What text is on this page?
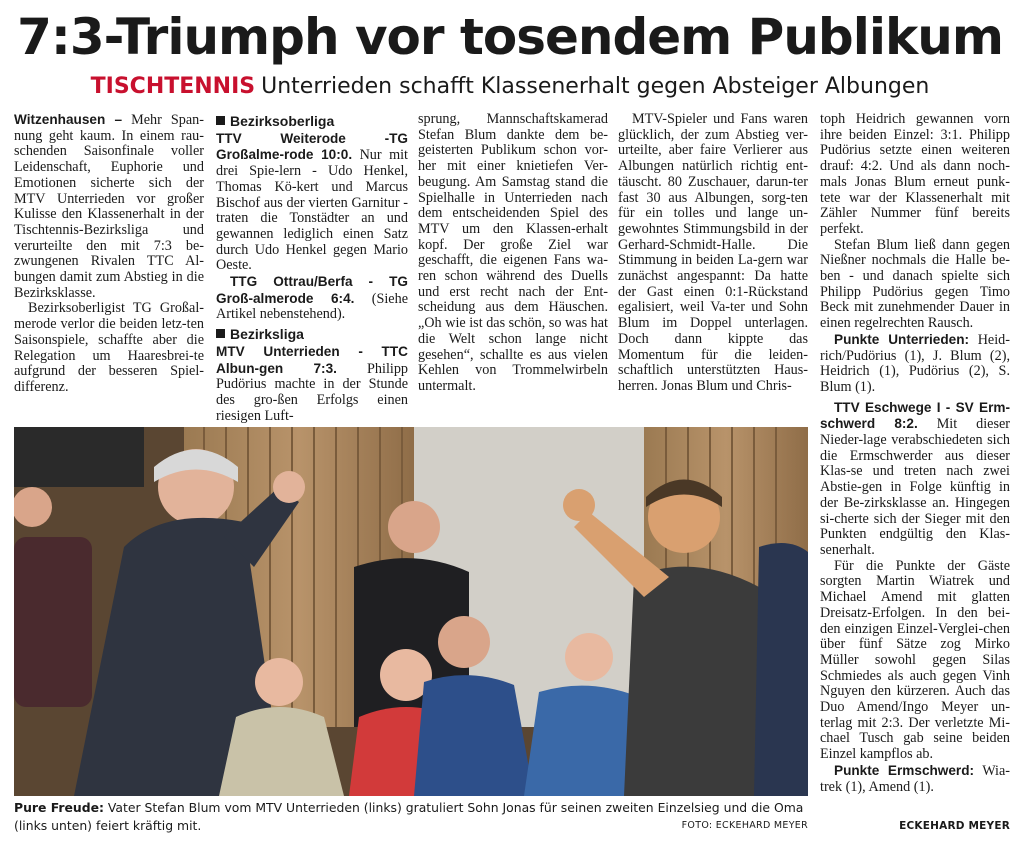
7:3-Triumph vor tosendem Publikum
TISCHTENNIS Unterrieden schafft Klassenerhalt gegen Absteiger Albungen

Witzenhausen – Mehr Span-nung geht kaum. In einem rau-schenden Saisonfinale voller Leidenschaft, Euphorie und Emotionen sicherte sich der MTV Unterrieden vor großer Kulisse den Klassenerhalt in der Tischtennis-Bezirksliga und verurteilte den mit 7:3 be-zwungenen Rivalen TTC Al-bungen damit zum Abstieg in die Bezirksklasse.

Bezirksoberligist TG Großal-merode verlor die beiden letz-ten Saisonspiele, schaffte aber die Relegation um Haaresbrei-te aufgrund der besseren Spiel-differenz.

Bezirksoberliga

TTV Weiterode -TG Großalme-rode 10:0. Nur mit drei Spie-lern - Udo Henkel, Thomas Kö-kert und Marcus Bischof aus der vierten Garnitur - traten die Tonstädter an und gewannen lediglich einen Satz durch Udo Henkel gegen Mario Oeste.

TTG Ottrau/Berfa - TG Groß-almerode 6:4. (Siehe Artikel nebenstehend).

Bezirksliga

MTV Unterrieden - TTC Albun-gen 7:3. Philipp Pudörius machte in der Stunde des gro-ßen Erfolgs einen riesigen Luft-

sprung, Mannschaftskamerad Stefan Blum dankte dem be-geisterten Publikum schon vor-her mit einer knietiefen Ver-beugung. Am Samstag stand die Spielhalle in Unterrieden nach dem entscheidenden Spiel des MTV um den Klassen-erhalt kopf. Der große Ziel war geschafft, die eigenen Fans wa-ren schon während des Duells und erst recht nach der Ent-scheidung aus dem Häuschen. „Oh wie ist das schön, so was hat die Welt schon lange nicht gesehen“, schallte es aus vielen Kehlen von Trommelwirbeln untermalt.

MTV-Spieler und Fans waren glücklich, der zum Abstieg ver-urteilte, aber faire Verlierer aus Albungen natürlich richtig ent-täuscht. 80 Zuschauer, darun-ter fast 30 aus Albungen, sorg-ten für ein tolles und lange un-gewohntes Stimmungsbild in der Gerhard-Schmidt-Halle. Die Stimmung in beiden La-gern war zunächst angespannt: Da hatte der Gast einen 0:1-Rückstand egalisiert, weil Va-ter und Sohn Blum im Doppel unterlagen. Doch dann kippte das Momentum für die leiden-schaftlich unterstützten Haus-herren. Jonas Blum und Chris-

toph Heidrich gewannen vorn ihre beiden Einzel: 3:1. Philipp Pudörius setzte einen weiteren drauf: 4:2. Und als dann noch-mals Jonas Blum erneut punk-tete war der Klassenerhalt mit Zähler Nummer fünf bereits perfekt.

Stefan Blum ließ dann gegen Nießner nochmals die Halle be-ben - und danach spielte sich Philipp Pudörius gegen Timo Beck mit zunehmender Dauer in einen regelrechten Rausch.

Punkte Unterrieden: Heid-rich/Pudörius (1), J. Blum (2), Heidrich (1), Pudörius (2), S. Blum (1).

TTV Eschwege I - SV Erm-schwerd 8:2. Mit dieser Nieder-lage verabschiedeten sich die Ermschwerder aus dieser Klas-se und treten nach zwei Abstie-gen in Folge künftig in der Be-zirksklasse an. Hingegen si-cherte sich der Sieger mit den Punkten endgültig den Klas-senerhalt.

Für die Punkte der Gäste sorgten Martin Wiatrek und Michael Amend mit glatten Dreisatz-Erfolgen. In den bei-den einzigen Einzel-Verglei-chen über fünf Sätze zog Mirko Müller sowohl gegen Silas Schmiedes als auch gegen Vinh Nguyen den kürzeren. Auch das Duo Amend/Ingo Meyer un-terlag mit 2:3. Der verletzte Mi-chael Tusch gab seine beiden Einzel kampflos ab.

Punkte Ermschwerd: Wia-trek (1), Amend (1).

Pure Freude: Vater Stefan Blum vom MTV Unterrieden (links) gratuliert Sohn Jonas für seinen zweiten Einzelsieg und die Oma (links unten) feiert kräftig mit.	FOTO: ECKEHARD MEYER	ECKEHARD MEYER
